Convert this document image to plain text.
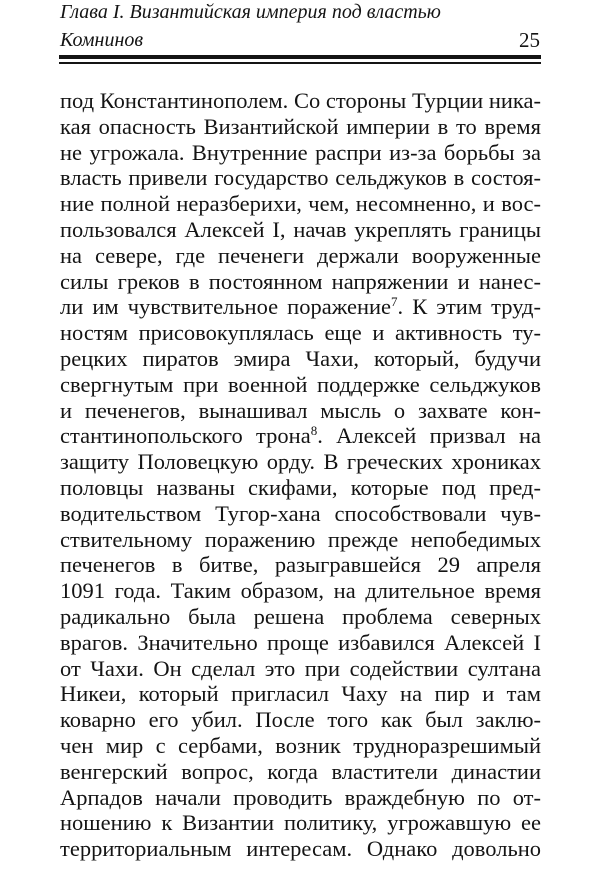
Глава I. Византийская империя под властью Комнинов	25
под Константинополем. Со стороны Турции ника-
кая опасность Византийской империи в то время
не угрожала. Внутренние распри из-за борьбы за
власть привели государство сельджуков в состоя-
ние полной неразберихи, чем, несомненно, и вос-
пользовался Алексей I, начав укреплять границы
на севере, где печенеги держали вооруженные
силы греков в постоянном напряжении и нанес-
ли им чувствительное поражение$^7$. К этим труд-
ностям присовокуплялась еще и активность ту-
рецких пиратов эмира Чахи, который, будучи
свергнутым при военной поддержке сельджуков
и печенегов, вынашивал мысль о захвате кон-
стантинопольского трона$^8$. Алексей призвал на
защиту Половецкую орду. В греческих хрониках
половцы названы скифами, которые под пред-
водительством Тугор-хана способствовали чув-
ствительному поражению прежде непобедимых
печенегов в битве, разыгравшейся 29 апреля
1091 года. Таким образом, на длительное время
радикально была решена проблема северных
врагов. Значительно проще избавился Алексей I
от Чахи. Он сделал это при содействии султана
Никеи, который пригласил Чаху на пир и там
коварно его убил. После того как был заклю-
чен мир с сербами, возник трудноразрешимый
венгерский вопрос, когда властители династии
Арпадов начали проводить враждебную по от-
ношению к Византии политику, угрожавшую ее
территориальным интересам. Однако довольно
